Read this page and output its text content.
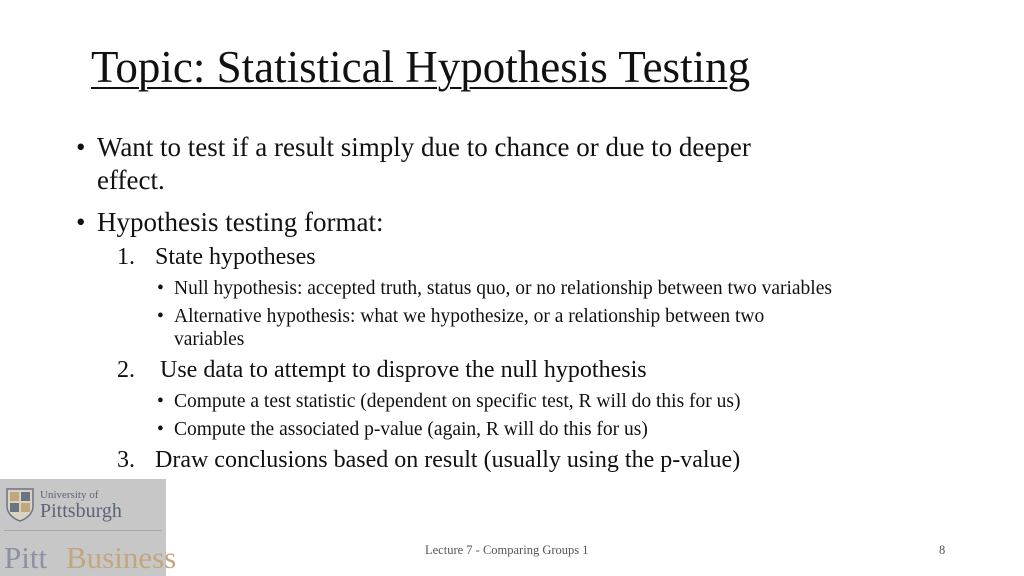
Topic: Statistical Hypothesis Testing
• Want to test if a result simply due to chance or due to deeper
effect.
• Hypothesis testing format:
1. State hypotheses
• Null hypothesis: accepted truth, status quo, or no relationship between two variables
• Alternative hypothesis: what we hypothesize, or a relationship between two
variables
2. Use data to attempt to disprove the null hypothesis
• Compute a test statistic (dependent on specific test, R will do this for us)
• Compute the associated p-value (again, R will do this for us)
3. Draw conclusions based on result (usually using the p-value)
University of
Pittsburgh
Pitt Business	Lecture 7 - Comparing Groups 1	8
